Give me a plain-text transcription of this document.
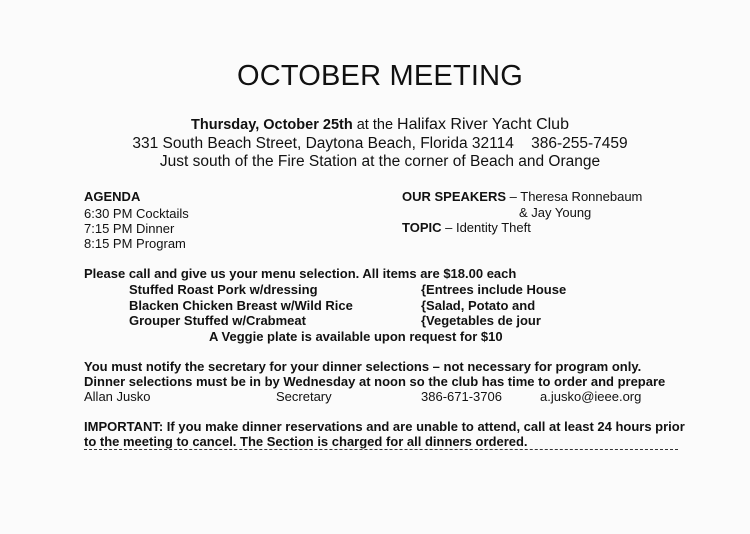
OCTOBER MEETING
Thursday, October 25th at the Halifax River Yacht Club
331 South Beach Street, Daytona Beach, Florida 32114 386-255-7459
Just south of the Fire Station at the corner of Beach and Orange
AGENDA
6:30 PM Cocktails
7:15 PM Dinner
8:15 PM Program
OUR SPEAKERS – Theresa Ronnebaum
& Jay Young
TOPIC – Identity Theft
Please call and give us your menu selection. All items are $18.00 each
Stuffed Roast Pork w/dressing
Blacken Chicken Breast w/Wild Rice
Grouper Stuffed w/Crabmeat
{Entrees include House
{Salad, Potato and
{Vegetables de jour
A Veggie plate is available upon request for $10
You must notify the secretary for your dinner selections – not necessary for program only.
Dinner selections must be in by Wednesday at noon so the club has time to order and prepare
Allan Jusko	Secretary	386-671-3706	a.jusko@ieee.org
IMPORTANT: If you make dinner reservations and are unable to attend, call at least 24 hours prior
to the meeting to cancel. The Section is charged for all dinners ordered.
